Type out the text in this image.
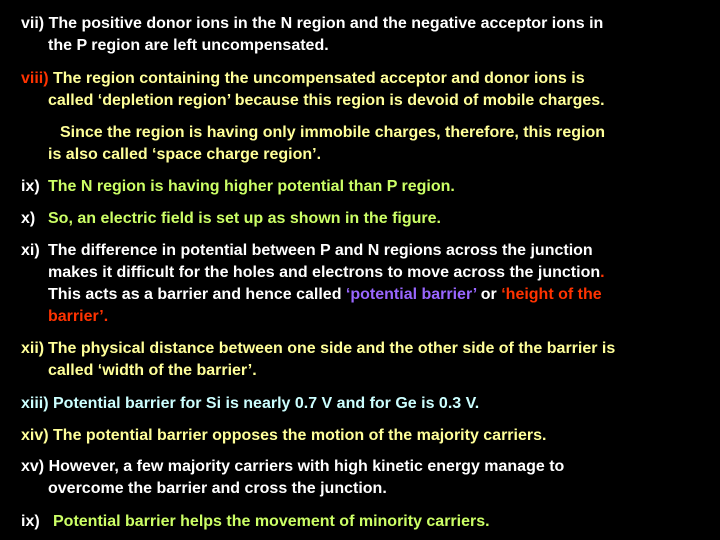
vii) The positive donor ions in the N region and the negative acceptor ions in
the P region are left uncompensated.
viii) The region containing the uncompensated acceptor and donor ions is
called ‘depletion region’ because this region is devoid of mobile charges.
Since the region is having only immobile charges, therefore, this region
is also called ‘space charge region’.
ix) The N region is having higher potential than P region.
x) So, an electric field is set up as shown in the figure.
xi) The difference in potential between P and N regions across the junction
makes it difficult for the holes and electrons to move across the junction.
This acts as a barrier and hence called ‘potential barrier’ or ‘height of the
barrier’.
xii) The physical distance between one side and the other side of the barrier is
called ‘width of the barrier’.
xiii) Potential barrier for Si is nearly 0.7 V and for Ge is 0.3 V.
xiv) The potential barrier opposes the motion of the majority carriers.
xv) However, a few majority carriers with high kinetic energy manage to
overcome the barrier and cross the junction.
ix) Potential barrier helps the movement of minority carriers.
